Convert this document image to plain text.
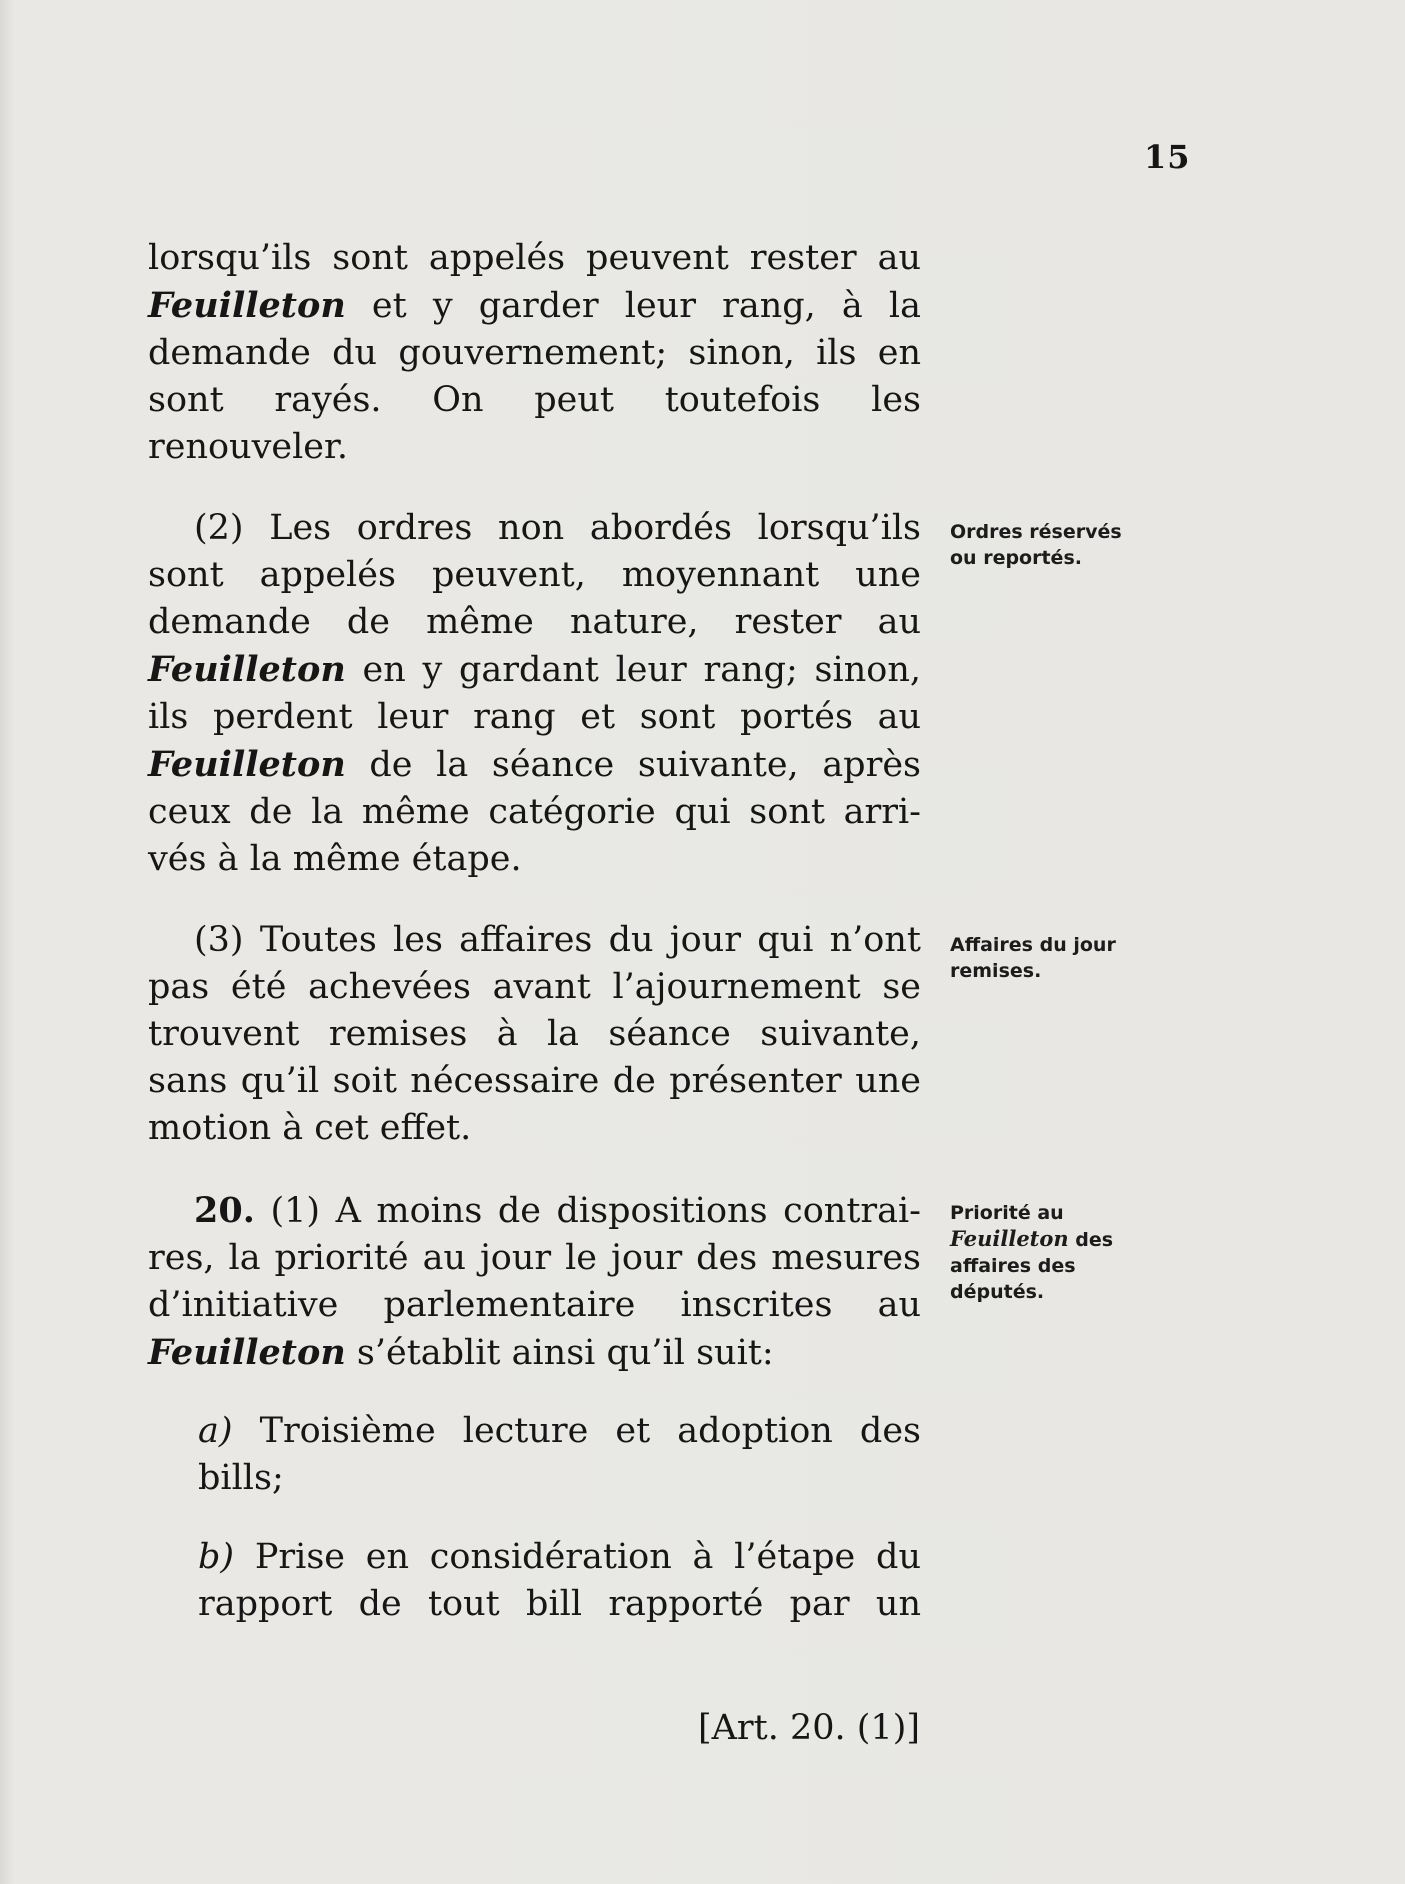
15
lorsqu’ils sont appelés peuvent rester au
Feuilleton et y garder leur rang, à la
demande du gouvernement; sinon, ils en
sont rayés. On peut toutefois les
renouveler.
(2) Les ordres non abordés lorsqu’ils
sont appelés peuvent, moyennant une
demande de même nature, rester au
Feuilleton en y gardant leur rang; sinon,
ils perdent leur rang et sont portés au
Feuilleton de la séance suivante, après
ceux de la même catégorie qui sont arri-
vés à la même étape.
(3) Toutes les affaires du jour qui n’ont
pas été achevées avant l’ajournement se
trouvent remises à la séance suivante,
sans qu’il soit nécessaire de présenter une
motion à cet effet.
20. (1) A moins de dispositions contrai-
res, la priorité au jour le jour des mesures
d’initiative parlementaire inscrites au
Feuilleton s’établit ainsi qu’il suit:
a) Troisième lecture et adoption des
bills;
b) Prise en considération à l’étape du
rapport de tout bill rapporté par un
Ordres réservés
ou reportés.
Affaires du jour
remises.
Priorité au
Feuilleton des
affaires des
députés.
[Art. 20. (1)]
